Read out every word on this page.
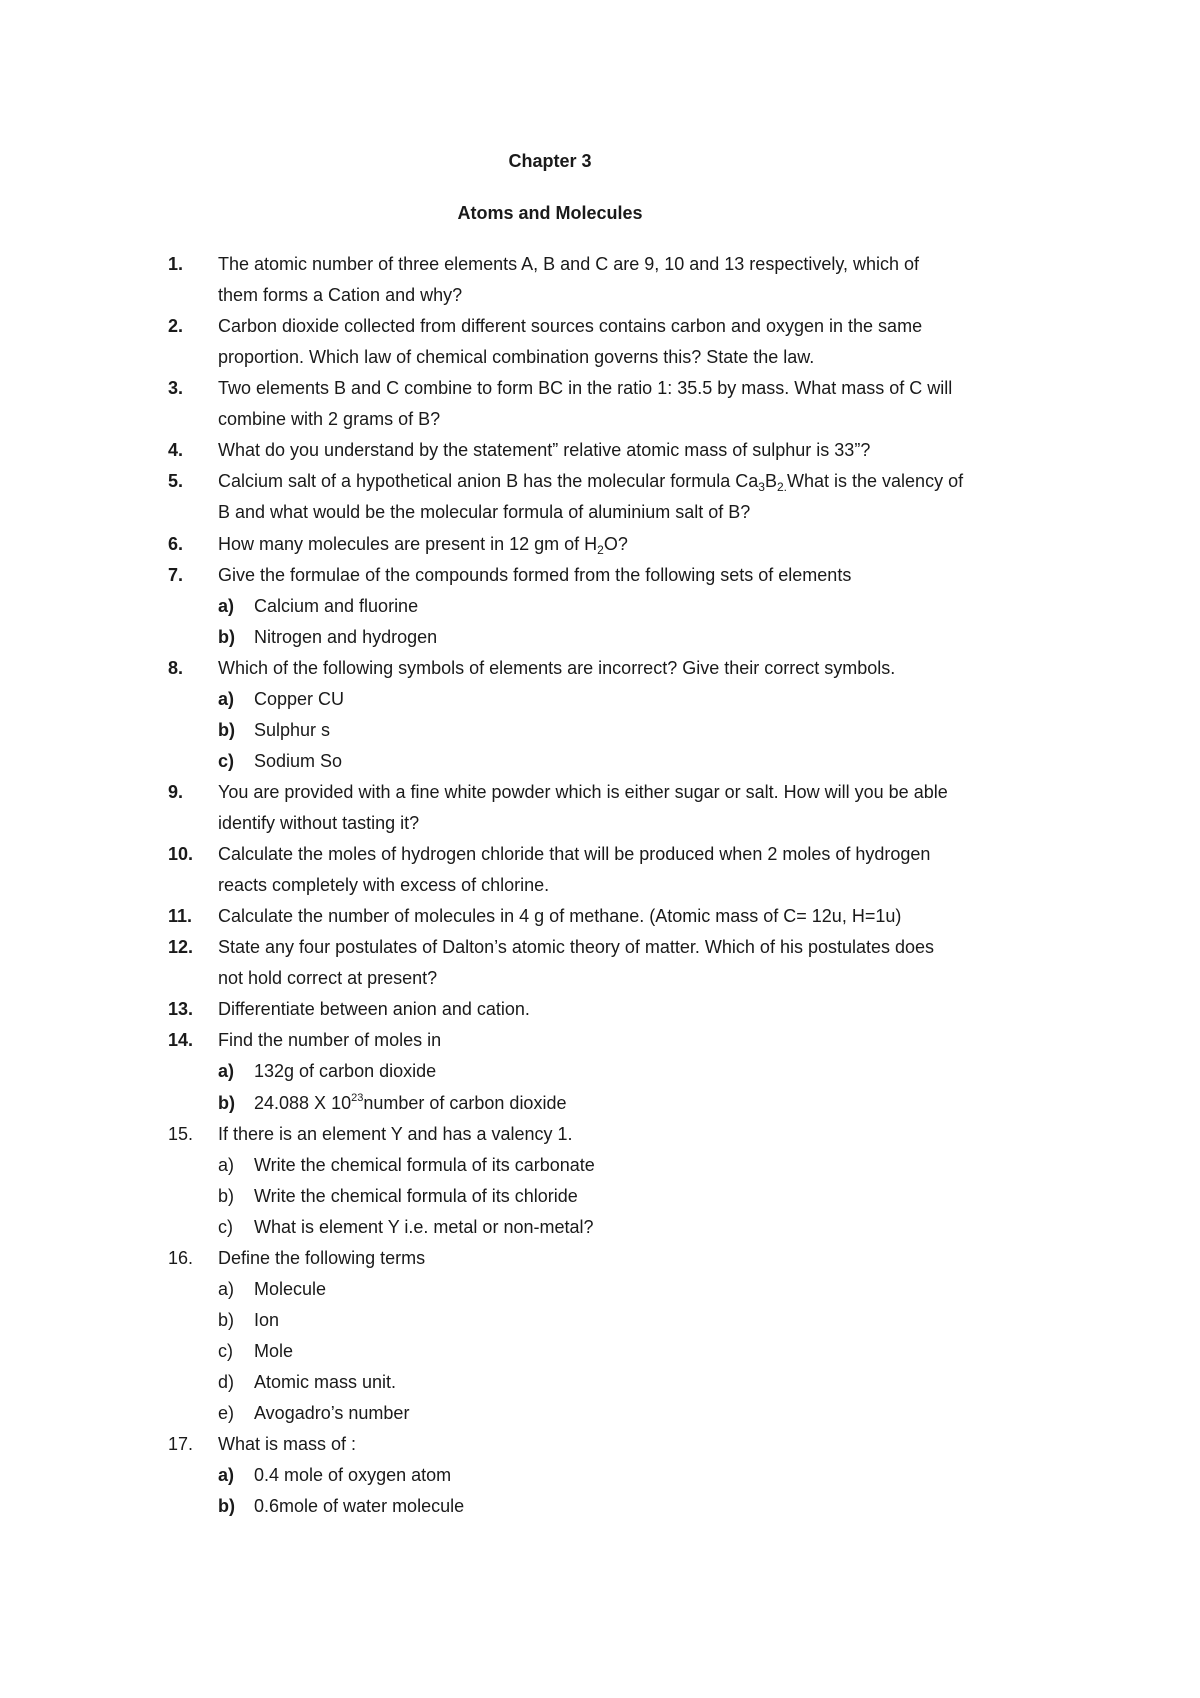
Chapter 3
Atoms and Molecules
1.	The atomic number of three elements A, B and C are 9, 10 and 13 respectively, which of
them forms a Cation and why?
2.	Carbon dioxide collected from different sources contains carbon and oxygen in the same
proportion. Which law of chemical combination governs this? State the law.
3.	Two elements B and C combine to form BC in the ratio 1: 35.5 by mass. What mass of C will
combine with 2 grams of B?
4.	What do you understand by the statement” relative atomic mass of sulphur is 33”?
5.	Calcium salt of a hypothetical anion B has the molecular formula $Ca_3B_{2.}What$ is the valency of
B and what would be the molecular formula of aluminium salt of B?
6.	How many molecules are present in 12 gm of $H_2O$?
7.	Give the formulae of the compounds formed from the following sets of elements
a)	Calcium and fluorine
b)	Nitrogen and hydrogen
8.	Which of the following symbols of elements are incorrect? Give their correct symbols.
a)	Copper CU
b)	Sulphur s
c)	Sodium So
9.	You are provided with a fine white powder which is either sugar or salt. How will you be able
identify without tasting it?
10.	Calculate the moles of hydrogen chloride that will be produced when 2 moles of hydrogen
reacts completely with excess of chlorine.
11.	Calculate the number of molecules in 4 g of methane. (Atomic mass of C= 12u, H=1u)
12.	State any four postulates of Dalton’s atomic theory of matter. Which of his postulates does
not hold correct at present?
13.	Differentiate between anion and cation.
14.	Find the number of moles in
a)	132g of carbon dioxide
b)	24.088 X $10^{23}number$ of carbon dioxide
15.	If there is an element Y and has a valency 1.
a)	Write the chemical formula of its carbonate
b)	Write the chemical formula of its chloride
c)	What is element Y i.e. metal or non-metal?
16.	Define the following terms
a)	Molecule
b)	Ion
c)	Mole
d)	Atomic mass unit.
e)	Avogadro’s number
17.	What is mass of :
a)	0.4 mole of oxygen atom
b)	0.6mole of water molecule
